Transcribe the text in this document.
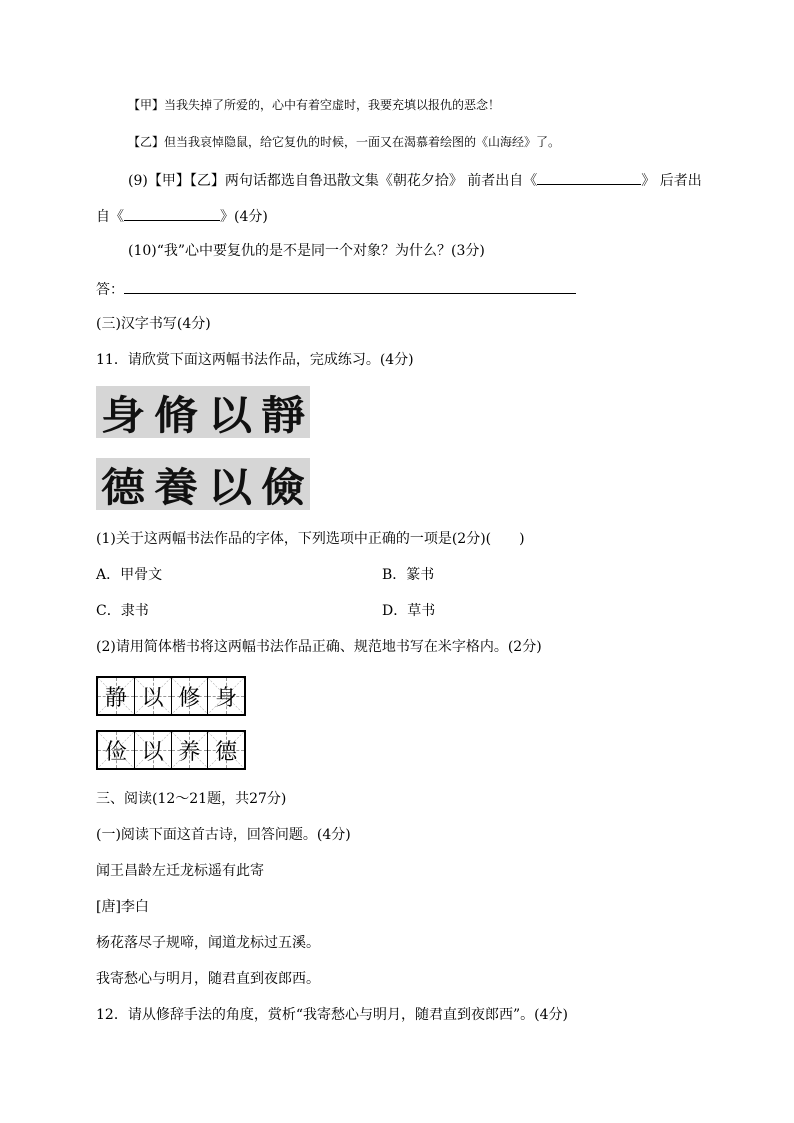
【甲】当我失掉了所爱的，心中有着空虚时，我要充填以报仇的恶念！
【乙】但当我哀悼隐鼠，给它复仇的时候，一面又在渴慕着绘图的《山海经》了。
(9)【甲】【乙】两句话都选自鲁迅散文集《朝花夕拾》 前者出自《	》 后者出
自《	》(4分)
(10)“我”心中要复仇的是不是同一个对象？为什么？(3分)
答：
(三)汉字书写(4分)
11．请欣赏下面这两幅书法作品，完成练习。(4分)
身 脩 以 靜
德 養 以 儉
(1)关于这两幅书法作品的字体，下列选项中正确的一项是(2分)(　　)
A．甲骨文	B．篆书
C．隶书	D．草书
(2)请用简体楷书将这两幅书法作品正确、规范地书写在米字格内。(2分)
静 以 修 身
俭 以 养 德
三、阅读(12～21题，共27分)
(一)阅读下面这首古诗，回答问题。(4分)
闻王昌龄左迁龙标遥有此寄
[唐]李白
杨花落尽子规啼，闻道龙标过五溪。
我寄愁心与明月，随君直到夜郎西。
12．请从修辞手法的角度，赏析“我寄愁心与明月，随君直到夜郎西”。(4分)
